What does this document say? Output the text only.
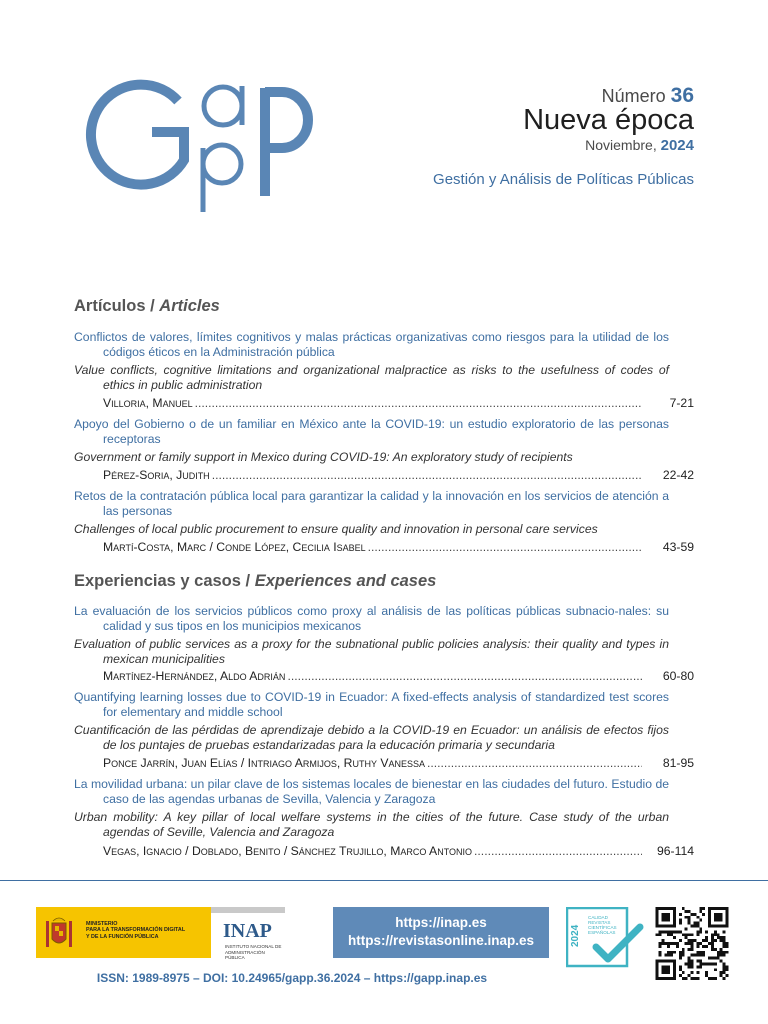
Número 36
Nueva época
Noviembre, 2024
Gestión y Análisis de Políticas Públicas
Artículos / Articles
Conflictos de valores, límites cognitivos y malas prácticas organizativas como riesgos para la utilidad de los códigos éticos en la Administración pública
Value conflicts, cognitive limitations and organizational malpractice as risks to the usefulness of codes of ethics in public administration
Villoria, Manuel .....	7-21
Apoyo del Gobierno o de un familiar en México ante la COVID-19: un estudio exploratorio de las personas receptoras
Government or family support in Mexico during COVID-19: An exploratory study of recipients
Pérez-Soria, Judith .....	22-42
Retos de la contratación pública local para garantizar la calidad y la innovación en los servicios de atención a las personas
Challenges of local public procurement to ensure quality and innovation in personal care services
Martí-Costa, Marc / Conde López, Cecilia Isabel .....	43-59
Experiencias y casos / Experiences and cases
La evaluación de los servicios públicos como proxy al análisis de las políticas públicas subnacio-nales: su calidad y sus tipos en los municipios mexicanos
Evaluation of public services as a proxy for the subnational public policies analysis: their quality and types in mexican municipalities
Martínez-Hernández, Aldo Adrián .....	60-80
Quantifying learning losses due to COVID-19 in Ecuador: A fixed-effects analysis of standardized test scores for elementary and middle school
Cuantificación de las pérdidas de aprendizaje debido a la COVID-19 en Ecuador: un análisis de efectos fijos de los puntajes de pruebas estandarizadas para la educación primaria y secundaria
Ponce Jarrín, Juan Elías / Intriago Armijos, Ruthy Vanessa .....	81-95
La movilidad urbana: un pilar clave de los sistemas locales de bienestar en las ciudades del futuro. Estudio de caso de las agendas urbanas de Sevilla, Valencia y Zaragoza
Urban mobility: A key pillar of local welfare systems in the cities of the future. Case study of the urban agendas of Seville, Valencia and Zaragoza
Vegas, Ignacio / Doblado, Benito / Sánchez Trujillo, Marco Antonio .....	96-114
MINISTERIO
PARA LA TRANSFORMACIÓN DIGITAL
Y DE LA FUNCIÓN PÚBLICA	INAP
INSTITUTO NACIONAL DE
ADMINISTRACIÓN PÚBLICA
https://inap.es
https://revistasonline.inap.es	2024
CALIDAD
REVISTAS
CIENTÍFICAS
ESPAÑOLAS
ISSN: 1989-8975 – DOI: 10.24965/gapp.36.2024 – https://gapp.inap.es
